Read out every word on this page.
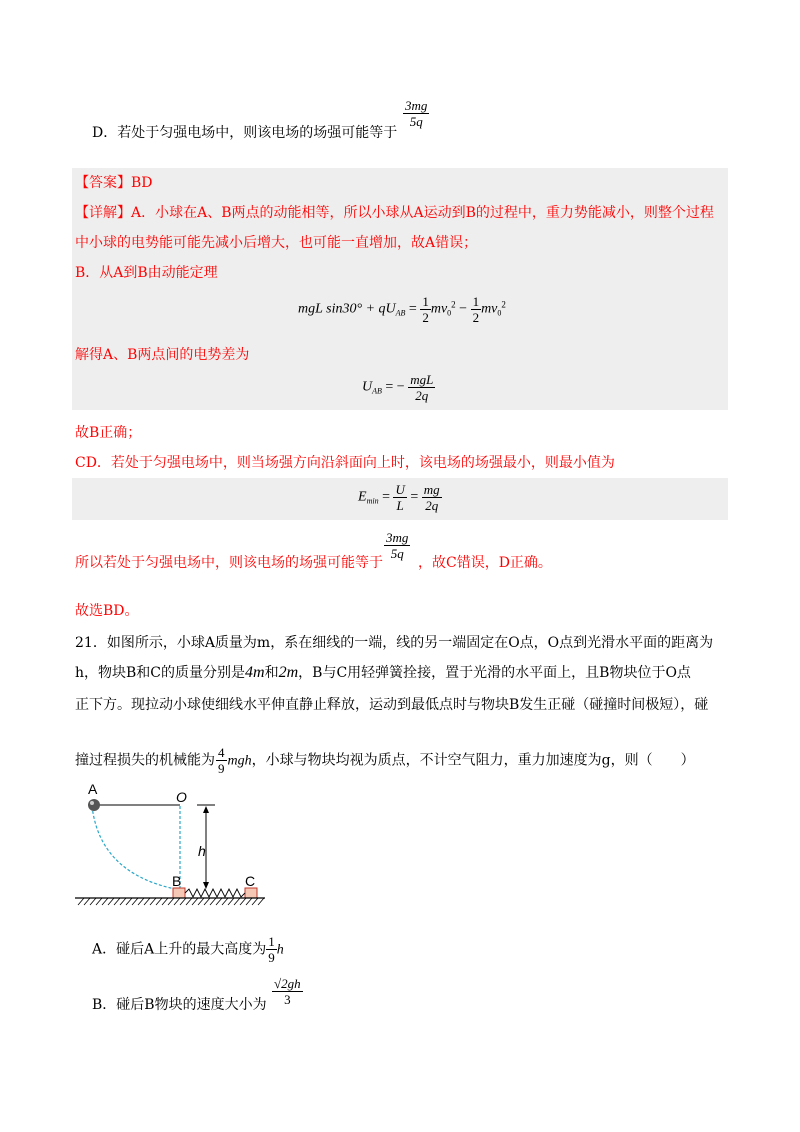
D．若处于匀强电场中，则该电场的场强可能等于
$\frac{3mg}{5q}$
【答案】BD
【详解】A．小球在A、B两点的动能相等，所以小球从A运动到B的过程中，重力势能减小，则整个过程
中小球的电势能可能先减小后增大，也可能一直增加，故A错误；
B．从A到B由动能定理
mgL $\sin 30^\circ + qU_{AB} = \frac{1}{2} mv_0^2 - \frac{1}{2} mv_0^2$
解得A、B两点间的电势差为
$U_{AB}$ = − $\frac{\text{mgL}}{2q}$
故B正确；
CD．若处于匀强电场中，则当场强方向沿斜面向上时，该电场的场强最小，则最小值为
$E_{min} = \frac{U}{L} = \frac{mg}{2q}$
所以若处于匀强电场中，则该电场的场强可能等于
$\frac{3mg}{5q}$
，故C错误，D正确。
故选BD。
21．如图所示，小球A质量为m，系在细线的一端，线的另一端固定在O点，O点到光滑水平面的距离为
h，物块B和C的质量分别是4m和2m，B与C用轻弹簧拴接，置于光滑的水平面上，且B物块位于O点
正下方。现拉动小球使细线水平伸直静止释放，运动到最低点时与物块B发生正碰（碰撞时间极短），碰
撞过程损失的机械能为 $\frac{4}{9}$ mgh，小球与物块均视为质点，不计空气阻力，重力加速度为g，则（　　）
A	O
h
B	C
A．碰后A上升的最大高度为 $\frac{1}{9}$ h
B．碰后B物块的速度大小为 $\frac{√2gh}{3}$
